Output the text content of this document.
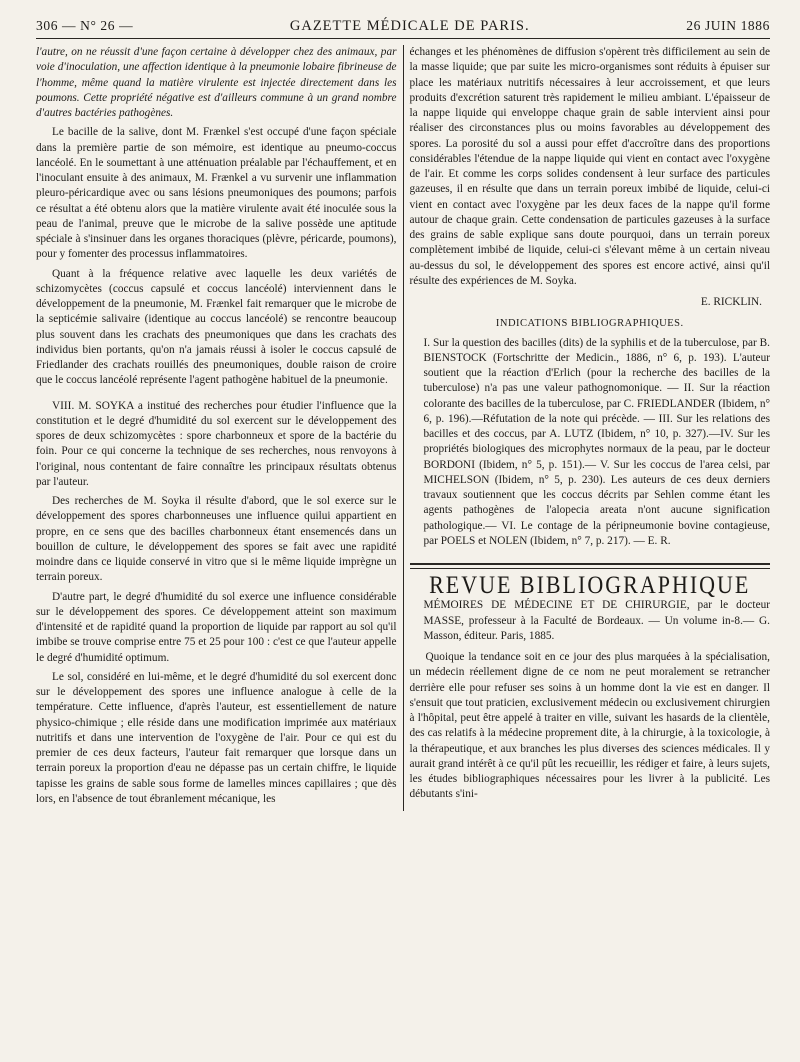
306 — N° 26 —	GAZETTE MÉDICALE DE PARIS.	26 JUIN 1886

l'autre, on ne réussit d'une façon certaine à développer chez des animaux, par voie d'inoculation, une affection identique à la pneumonie lobaire fibrineuse de l'homme, même quand la matière virulente est injectée directement dans les poumons. Cette propriété négative est d'ailleurs commune à un grand nombre d'autres bactéries pathogènes.

Le bacille de la salive, dont M. Frænkel s'est occupé d'une façon spéciale dans la première partie de son mémoire, est identique au pneumo-coccus lancéolé. En le soumettant à une atténuation préalable par l'échauffement, et en l'inoculant ensuite à des animaux, M. Frænkel a vu survenir une inflammation pleuro-péricardique avec ou sans lésions pneumoniques des poumons; parfois ce résultat a été obtenu alors que la matière virulente avait été inoculée sous la peau de l'animal, preuve que le microbe de la salive possède une aptitude spéciale à s'insinuer dans les organes thoraciques (plèvre, péricarde, poumons), pour y fomenter des processus inflammatoires.

Quant à la fréquence relative avec laquelle les deux variétés de schizomycètes (coccus capsulé et coccus lancéolé) interviennent dans le développement de la pneumonie, M. Frænkel fait remarquer que le microbe de la septicémie salivaire (identique au coccus lancéolé) se rencontre beaucoup plus souvent dans les crachats des pneumoniques que dans les crachats des individus bien portants, qu'on n'a jamais réussi à isoler le coccus capsulé de Friedlander des crachats rouillés des pneumoniques, double raison de croire que le coccus lancéolé représente l'agent pathogène habituel de la pneumonie.

VIII. M. SOYKA a institué des recherches pour étudier l'influence que la constitution et le degré d'humidité du sol exercent sur le développement des spores de deux schizomycètes : spore charbonneux et spore de la bactérie du foin. Pour ce qui concerne la technique de ses recherches, nous renvoyons à l'original, nous contentant de faire connaître les principaux résultats obtenus par l'auteur.

Des recherches de M. Soyka il résulte d'abord, que le sol exerce sur le développement des spores charbonneuses une influence quilui appartient en propre, en ce sens que des bacilles charbonneux étant ensemencés dans un bouillon de culture, le développement des spores se fait avec une rapidité moindre dans ce liquide conservé in vitro que si le même liquide imprègne un terrain poreux.

D'autre part, le degré d'humidité du sol exerce une influence considérable sur le développement des spores. Ce développement atteint son maximum d'intensité et de rapidité quand la proportion de liquide par rapport au sol qu'il imbibe se trouve comprise entre 75 et 25 pour 100 : c'est ce que l'auteur appelle le degré d'humidité optimum.

Le sol, considéré en lui-même, et le degré d'humidité du sol exercent donc sur le développement des spores une influence analogue à celle de la température. Cette influence, d'après l'auteur, est essentiellement de nature physico-chimique ; elle réside dans une modification imprimée aux matériaux nutritifs et dans une intervention de l'oxygène de l'air. Pour ce qui est du premier de ces deux facteurs, l'auteur fait remarquer que lorsque dans un terrain poreux la proportion d'eau ne dépasse pas un certain chiffre, le liquide tapisse les grains de sable sous forme de lamelles minces capillaires ; que dès lors, en l'absence de tout ébranlement mécanique, les

échanges et les phénomènes de diffusion s'opèrent très difficilement au sein de la masse liquide; que par suite les micro-organismes sont réduits à épuiser sur place les matériaux nutritifs nécessaires à leur accroissement, et que leurs produits d'excrétion saturent très rapidement le milieu ambiant. L'épaisseur de la nappe liquide qui enveloppe chaque grain de sable intervient ainsi pour réaliser des circonstances plus ou moins favorables au développement des spores. La porosité du sol a aussi pour effet d'accroître dans des proportions considérables l'étendue de la nappe liquide qui vient en contact avec l'oxygène de l'air. Et comme les corps solides condensent à leur surface des particules gazeuses, il en résulte que dans un terrain poreux imbibé de liquide, celui-ci vient en contact avec l'oxygène par les deux faces de la nappe qu'il forme autour de chaque grain. Cette condensation de particules gazeuses à la surface des grains de sable explique sans doute pourquoi, dans un terrain poreux complètement imbibé de liquide, celui-ci s'élevant même à un certain niveau au-dessus du sol, le développement des spores est encore activé, ainsi qu'il résulte des expériences de M. Soyka.

E. RICKLIN.

INDICATIONS BIBLIOGRAPHIQUES.

I. Sur la question des bacilles (dits) de la syphilis et de la tuberculose, par B. BIENSTOCK (Fortschritte der Medicin., 1886, n° 6, p. 193). L'auteur soutient que la réaction d'Erlich (pour la recherche des bacilles de la tuberculose) n'a pas une valeur pathognomonique. — II. Sur la réaction colorante des bacilles de la tuberculose, par C. FRIEDLANDER (Ibidem, n° 6, p. 196).—Réfutation de la note qui précède. — III. Sur les relations des bacilles et des coccus, par A. LUTZ (Ibidem, n° 10, p. 327).—IV. Sur les propriétés biologiques des microphytes normaux de la peau, par le docteur BORDONI (Ibidem, n° 5, p. 151).— V. Sur les coccus de l'area celsi, par MICHELSON (Ibidem, n° 5, p. 230). Les auteurs de ces deux derniers travaux soutiennent que les coccus décrits par Sehlen comme étant les agents pathogènes de l'alopecia areata n'ont aucune signification pathologique.— VI. Le contage de la péripneumonie bovine contagieuse, par POELS et NOLEN (Ibidem, n° 7, p. 217). — E. R.

REVUE BIBLIOGRAPHIQUE

MÉMOIRES DE MÉDECINE ET DE CHIRURGIE, par le docteur MASSE, professeur à la Faculté de Bordeaux. — Un volume in-8.— G. Masson, éditeur. Paris, 1885.

Quoique la tendance soit en ce jour des plus marquées à la spécialisation, un médecin réellement digne de ce nom ne peut moralement se retrancher derrière elle pour refuser ses soins à un homme dont la vie est en danger. Il s'ensuit que tout praticien, exclusivement médecin ou exclusivement chirurgien à l'hôpital, peut être appelé à traiter en ville, suivant les hasards de la clientèle, des cas relatifs à la médecine proprement dite, à la chirurgie, à la toxicologie, à la thérapeutique, et aux branches les plus diverses des sciences médicales. Il y aurait grand intérêt à ce qu'il pût les recueillir, les rédiger et faire, à leurs sujets, les études bibliographiques nécessaires pour les livrer à la publicité. Les débutants s'ini-
